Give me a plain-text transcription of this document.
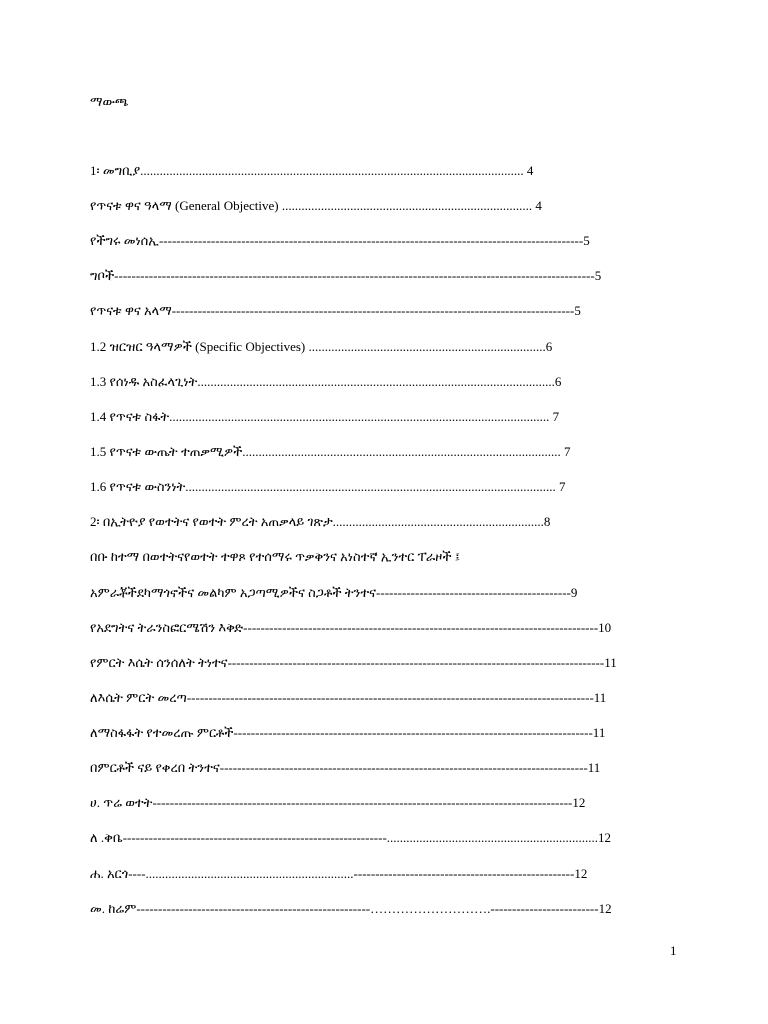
ማውጫ
1፡ መግቢያ...................................................................................................................... 4
የጥናቱ ዋና ዓላማ (General Objective) ............................................................................. 4
የችግሩ መነሰኢ--------------------------------------------------------------------------------------------------5
ግቦች---------------------------------------------------------------------------------------------------------------5
የጥናቱ ዋና አላማ---------------------------------------------------------------------------------------------5
1.2 ዝርዝር ዓላማዎች (Specific Objectives) .........................................................................6
1.3 የሰነዱ አስፈላጊነት..............................................................................................................6
1.4 የጥናቱ ስፋት..................................................................................................................... 7
1.5 የጥናቱ ውጤት ተጠቃሚዎች.................................................................................................. 7
1.6 የጥናቱ ውስንነት.................................................................................................................. 7
2፡ በኢትዮያ የወተትና የወተት ምረት አጠቃላይ ገጽታ.................................................................8
በቡ ከተማ በወተትናየወተት ተዋጾ የተሰማሩ ጥቃቅንና አነስተኛ ኢንተር ፐራዞች ፤
አምራቾችደካማጎኖችና መልካም አጋጣሚዎችና ስጋቶች ትንተና---------------------------------------------9
የአደግትና ትራንስፎርሜሽን እቅድ----------------------------------------------------------------------------------10
የምርት እሴት ሰንሰለት ትነተና---------------------------------------------------------------------------------------11
ለእሴት ምርት መረጣ----------------------------------------------------------------------------------------------11
ለማስፋፋት የተመረጡ ምርቶች-----------------------------------------------------------------------------------11
በምርቶች ናይ የቀረበ ትንተና-------------------------------------------------------------------------------------11
ሀ. ጥሬ ወተት-------------------------------------------------------------------------------------------------12
ለ .ቅቤ-------------------------------------------------------------.................................................................12
ሐ. አርጎ----................................................................---------------------------------------------------12
መ. ከሬም------------------------------------------------------……………………….-------------------------12
1
